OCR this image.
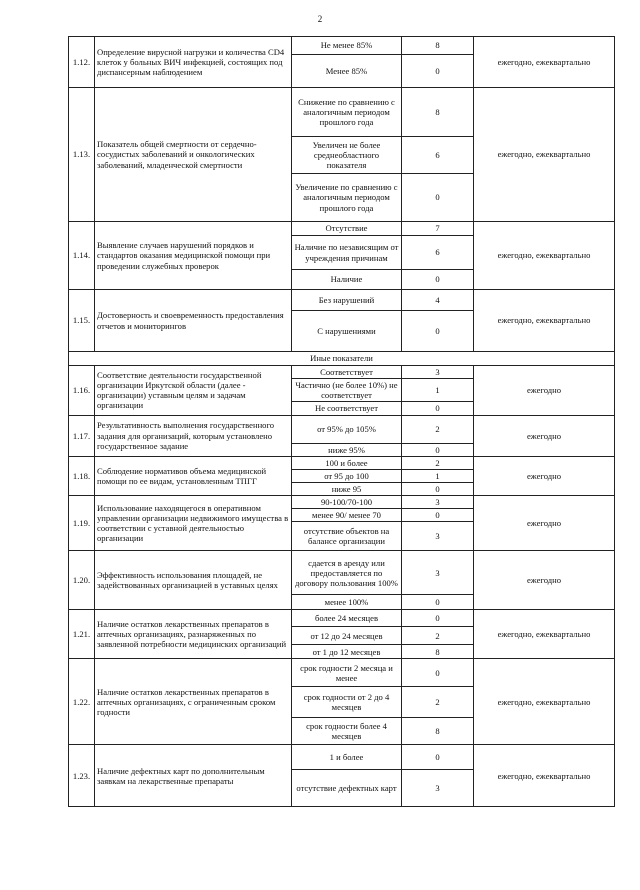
2
1.12.	Определение вирусной нагрузки и количества CD4 клеток у больных ВИЧ инфекцией, состоящих под диспансерным наблюдением	Не менее 85%	8	ежегодно, ежеквартально
		Менее 85%	0	
1.13.	Показатель общей смертности от сердечно-сосудистых заболеваний и онкологических заболеваний, младенческой смертности	Снижение по сравнению с аналогичным периодом прошлого года	8	ежегодно, ежеквартально
		Увеличен не более среднеобластного показателя	6	
		Увеличение по сравнению с аналогичным периодом прошлого года	0	
1.14.	Выявление случаев нарушений порядков и стандартов оказания медицинской помощи при проведении служебных проверок	Отсутствие	7	ежегодно, ежеквартально
		Наличие по независящим от учреждения причинам	6	
		Наличие	0	
1.15.	Достоверность и своевременность предоставления отчетов и мониторингов	Без нарушений	4	ежегодно, ежеквартально
		С нарушениями	0	
Иные показатели				
1.16.	Соответствие деятельности государственной организации Иркутской области (далее - организации) уставным целям и задачам организации	Соответствует	3	ежегодно
		Частично (не более 10%) не соответствует	1	
		Не соответствует	0	
1.17.	Результативность выполнения государственного задания для организаций, которым установлено государственное задание	от 95% до 105%	2	ежегодно
		ниже 95%	0	
1.18.	Соблюдение нормативов объема медицинской помощи по ее видам, установленным ТПГГ	100 и более	2	ежегодно
		от 95 до 100	1	
		ниже 95	0	
1.19.	Использование находящегося в оперативном управлении организации недвижимого имущества в соответствии с уставной деятельностью организации	90-100/70-100	3	ежегодно
		менее 90/ менее 70	0	
		отсутствие объектов на балансе организации	3	
1.20.	Эффективность использования площадей, не задействованных организацией в уставных целях	сдается в аренду или предоставляется по договору пользования 100%	3	ежегодно
		менее 100%	0	
1.21.	Наличие остатков лекарственных препаратов в аптечных организациях, разнаряженных по заявленной потребности медицинских организаций	более 24 месяцев	0	ежегодно, ежеквартально
		от 12 до 24 месяцев	2	
		от 1 до 12 месяцев	8	
1.22.	Наличие остатков лекарственных препаратов в аптечных организациях, с ограниченным сроком годности	срок годности 2 месяца и менее	0	ежегодно, ежеквартально
		срок годности от 2 до 4 месяцев	2	
		срок годности более 4 месяцев	8	
1.23.	Наличие дефектных карт по дополнительным заявкам на лекарственные препараты	1 и более	0	ежегодно, ежеквартально
		отсутствие дефектных карт	3	
